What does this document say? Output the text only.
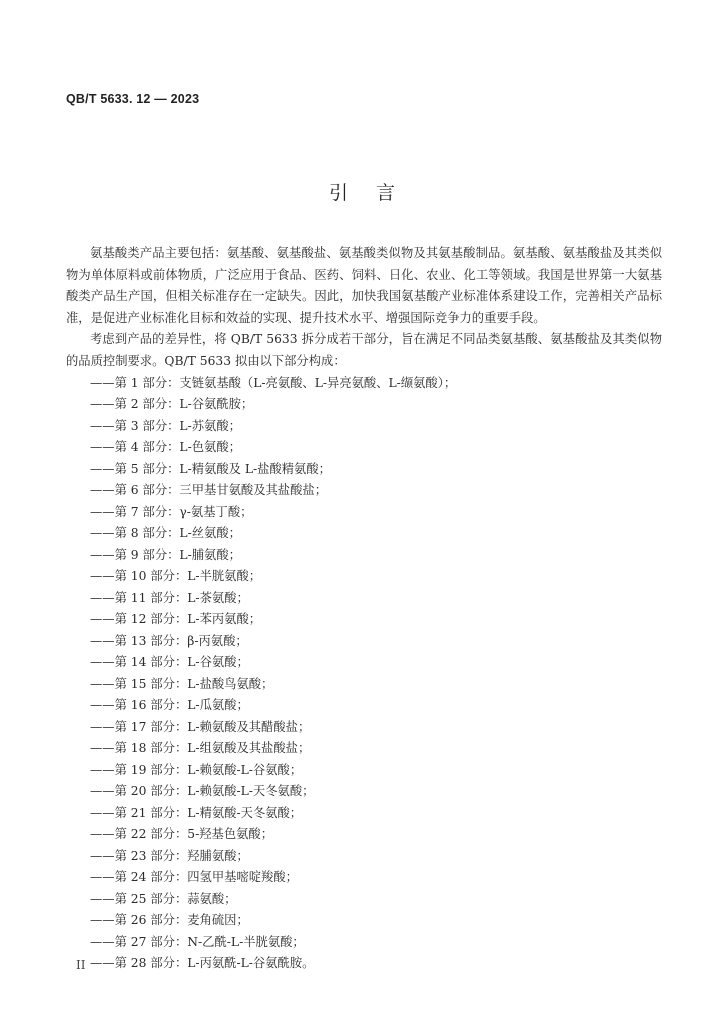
QB/T 5633. 12 — 2023
引言

氨基酸类产品主要包括：氨基酸、氨基酸盐、氨基酸类似物及其氨基酸制品。氨基酸、氨基酸盐及其类似物为单体原料或前体物质，广泛应用于食品、医药、饲料、日化、农业、化工等领域。我国是世界第一大氨基酸类产品生产国，但相关标准存在一定缺失。因此，加快我国氨基酸产业标准体系建设工作，完善相关产品标准，是促进产业标准化目标和效益的实现、提升技术水平、增强国际竞争力的重要手段。

考虑到产品的差异性，将 QB/T 5633 拆分成若干部分，旨在满足不同品类氨基酸、氨基酸盐及其类似物的品质控制要求。QB/T 5633 拟由以下部分构成：

——第 1 部分：支链氨基酸（L-亮氨酸、L-异亮氨酸、L-缬氨酸）；
——第 2 部分：L-谷氨酰胺；
——第 3 部分：L-苏氨酸；
——第 4 部分：L-色氨酸；
——第 5 部分：L-精氨酸及 L-盐酸精氨酸；
——第 6 部分：三甲基甘氨酸及其盐酸盐；
——第 7 部分：γ-氨基丁酸；
——第 8 部分：L-丝氨酸；
——第 9 部分：L-脯氨酸；
——第 10 部分：L-半胱氨酸；
——第 11 部分：L-茶氨酸；
——第 12 部分：L-苯丙氨酸；
——第 13 部分：β-丙氨酸；
——第 14 部分：L-谷氨酸；
——第 15 部分：L-盐酸鸟氨酸；
——第 16 部分：L-瓜氨酸；
——第 17 部分：L-赖氨酸及其醋酸盐；
——第 18 部分：L-组氨酸及其盐酸盐；
——第 19 部分：L-赖氨酸-L-谷氨酸；
——第 20 部分：L-赖氨酸-L-天冬氨酸；
——第 21 部分：L-精氨酸-天冬氨酸；
——第 22 部分：5-羟基色氨酸；
——第 23 部分：羟脯氨酸；
——第 24 部分：四氢甲基嘧啶羧酸；
——第 25 部分：蒜氨酸；
——第 26 部分：麦角硫因；
——第 27 部分：N-乙酰-L-半胱氨酸；
——第 28 部分：L-丙氨酰-L-谷氨酰胺。
II
